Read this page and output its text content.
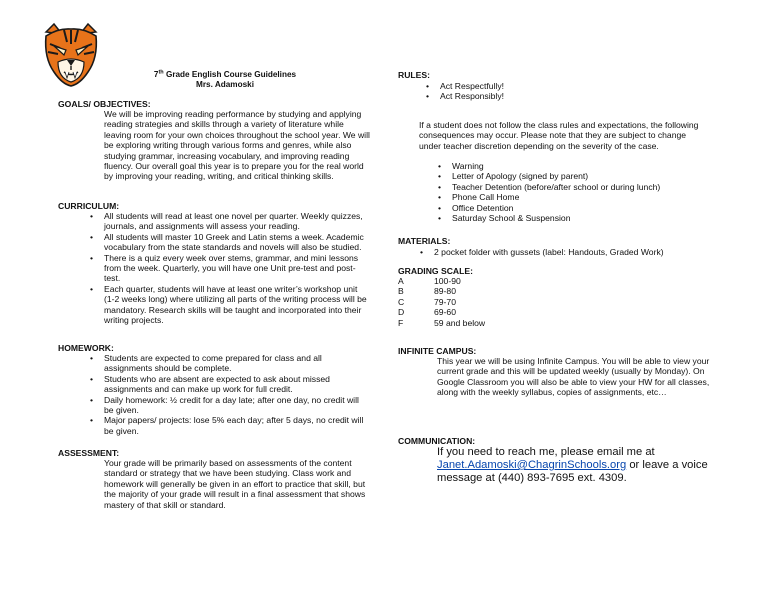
7th Grade English Course Guidelines
Mrs. Adamoski
GOALS/ OBJECTIVES:

We will be improving reading performance by studying and applying reading strategies and skills through a variety of literature while leaving room for your own choices throughout the school year. We will be exploring writing through various forms and genres, while also studying grammar, increasing vocabulary, and improving reading fluency. Our overall goal this year is to prepare you for the real world by improving your reading, writing, and critical thinking skills.

CURRICULUM:
• All students will read at least one novel per quarter. Weekly quizzes, journals, and assignments will assess your reading.
• All students will master 10 Greek and Latin stems a week. Academic vocabulary from the state standards and novels will also be studied.
• There is a quiz every week over stems, grammar, and mini lessons from the week. Quarterly, you will have one Unit pre-test and post-test.
• Each quarter, students will have at least one writer’s workshop unit (1-2 weeks long) where utilizing all parts of the writing process will be mandatory. Research skills will be taught and incorporated into their writing projects.
HOMEWORK:
• Students are expected to come prepared for class and all assignments should be complete.
• Students who are absent are expected to ask about missed assignments and can make up work for full credit.
• Daily homework: ½ credit for a day late; after one day, no credit will be given.
• Major papers/ projects: lose 5% each day; after 5 days, no credit will be given.
ASSESSMENT:

Your grade will be primarily based on assessments of the content standard or strategy that we have been studying. Class work and homework will generally be given in an effort to practice that skill, but the majority of your grade will result in a final assessment that shows mastery of that skill or standard.

RULES:
• Act Respectfully!
• Act Responsibly!

If a student does not follow the class rules and expectations, the following consequences may occur. Please note that they are subject to change under teacher discretion depending on the severity of the case.

• Warning
• Letter of Apology (signed by parent)
• Teacher Detention (before/after school or during lunch)
• Phone Call Home
• Office Detention
• Saturday School & Suspension
MATERIALS:
• 2 pocket folder with gussets (label: Handouts, Graded Work)
GRADING SCALE:
A	100-90
B	89-80
C	79-70
D	69-60
F	59 and below
INFINITE CAMPUS:

This year we will be using Infinite Campus. You will be able to view your current grade and this will be updated weekly (usually by Monday). On Google Classroom you will also be able to view your HW for all classes, along with the weekly syllabus, copies of assignments, etc…

COMMUNICATION:

If you need to reach me, please email me at Janet.Adamoski@ChagrinSchools.org or leave a voice message at (440) 893-7695 ext. 4309.
